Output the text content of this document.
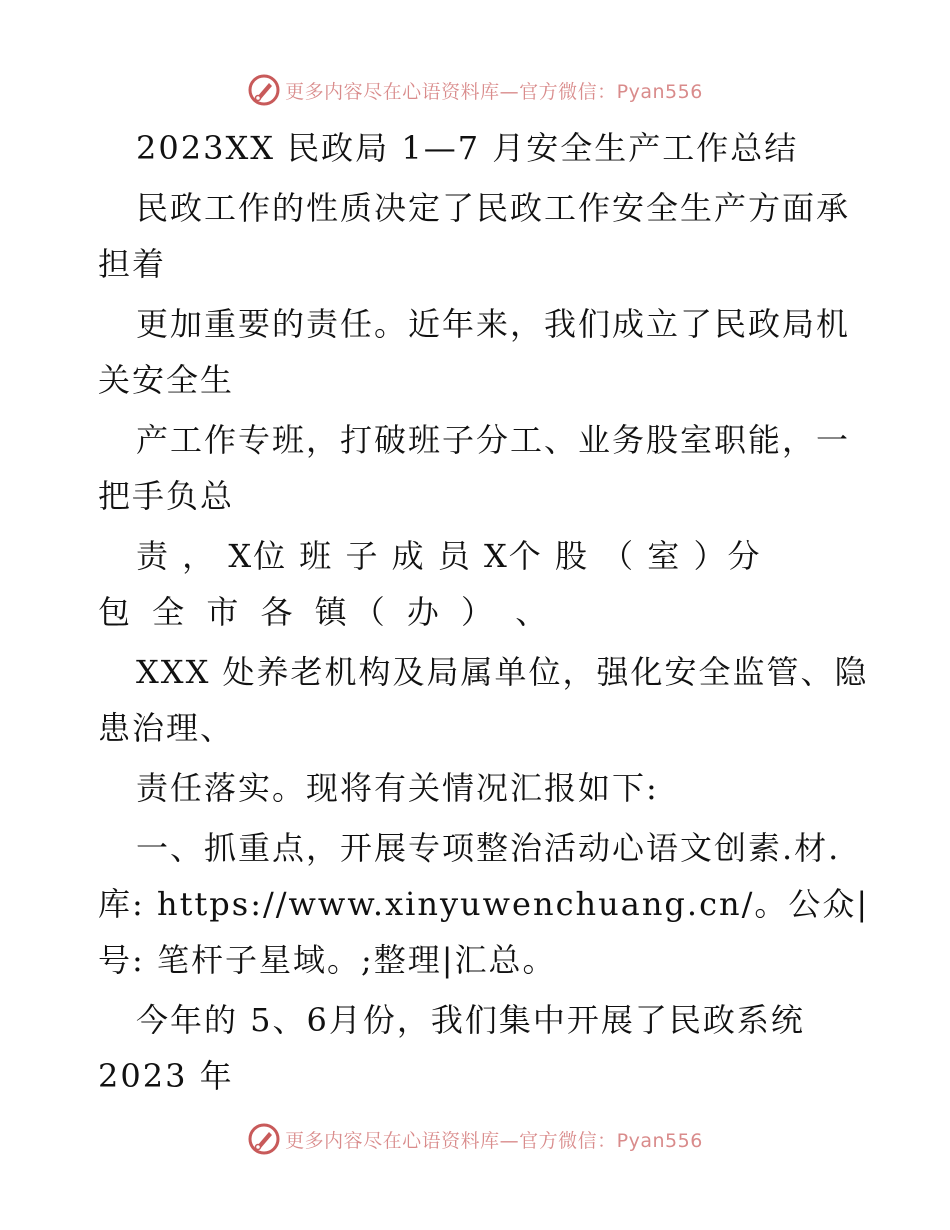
更多内容尽在心语资料库—官方微信：Pyan556
2023XX 民政局 1—7 月安全生产工作总结
民政工作的性质决定了民政工作安全生产方面承
担着
更加重要的责任。近年来，我们成立了民政局机
关安全生
产工作专班，打破班子分工、业务股室职能，一
把手负总
责 ， X位 班 子 成 员 X个 股 （ 室 ）分
包 全 市 各 镇（ 办 ） 、
XXX 处养老机构及局属单位，强化安全监管、隐
患治理、
责任落实。现将有关情况汇报如下:
一、抓重点，开展专项整治活动心语文创素.材.
库: https://www.xinyuwenchuang.cn/。公众|
号: 笔杆子星域。;整理|汇总。
今年的 5、6月份，我们集中开展了民政系统
2023 年
更多内容尽在心语资料库—官方微信：Pyan556
